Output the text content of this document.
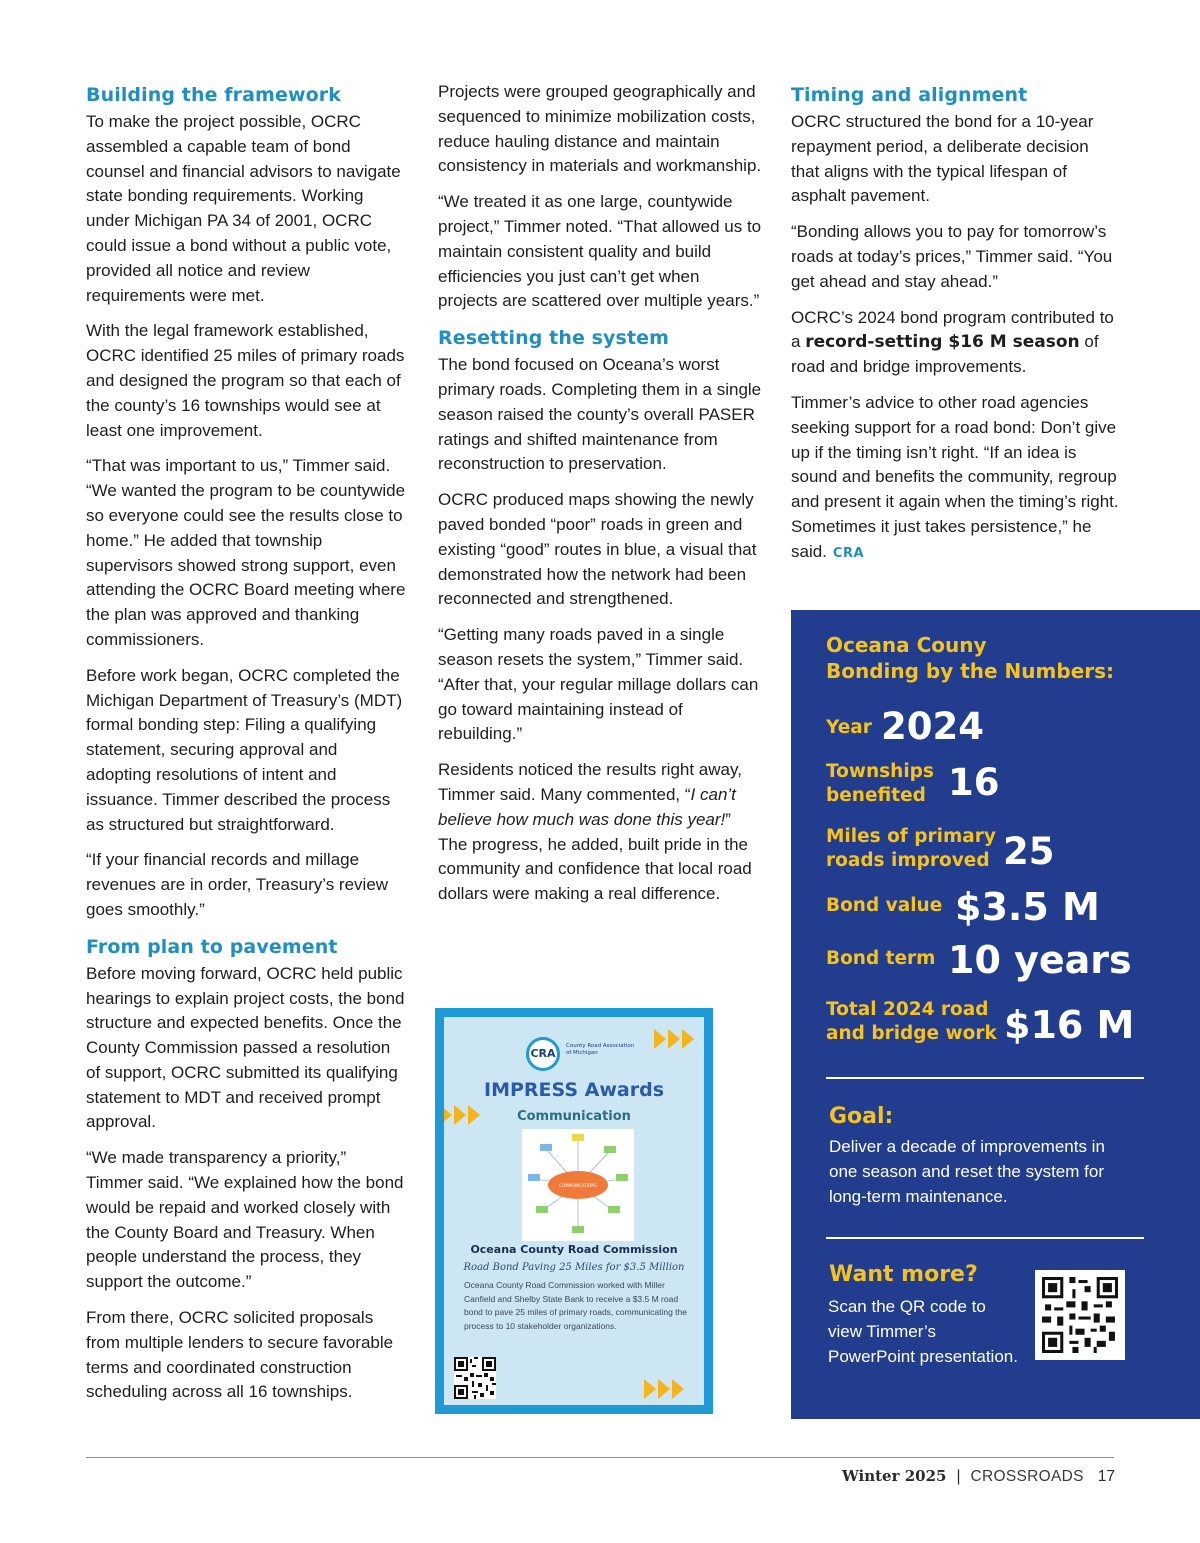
Building the framework

To make the project possible, OCRC assembled a capable team of bond counsel and financial advisors to navigate state bonding requirements. Working under Michigan PA 34 of 2001, OCRC could issue a bond without a public vote, provided all notice and review requirements were met.

With the legal framework established, OCRC identified 25 miles of primary roads and designed the program so that each of the county’s 16 townships would see at least one improvement.

“That was important to us,” Timmer said. “We wanted the program to be countywide so everyone could see the results close to home.” He added that township supervisors showed strong support, even attending the OCRC Board meeting where the plan was approved and thanking commissioners.

Before work began, OCRC completed the Michigan Department of Treasury’s (MDT) formal bonding step: Filing a qualifying statement, securing approval and adopting resolutions of intent and issuance. Timmer described the process as structured but straightforward.

“If your financial records and millage revenues are in order, Treasury’s review goes smoothly.”

From plan to pavement

Before moving forward, OCRC held public hearings to explain project costs, the bond structure and expected benefits. Once the County Commission passed a resolution of support, OCRC submitted its qualifying statement to MDT and received prompt approval.

“We made transparency a priority,” Timmer said. “We explained how the bond would be repaid and worked closely with the County Board and Treasury. When people understand the process, they support the outcome.”

From there, OCRC solicited proposals from multiple lenders to secure favorable terms and coordinated construction scheduling across all 16 townships.

Projects were grouped geographically and sequenced to minimize mobilization costs, reduce hauling distance and maintain consistency in materials and workmanship.

“We treated it as one large, countywide project,” Timmer noted. “That allowed us to maintain consistent quality and build efficiencies you just can’t get when projects are scattered over multiple years.”

Resetting the system

The bond focused on Oceana’s worst primary roads. Completing them in a single season raised the county’s overall PASER ratings and shifted maintenance from reconstruction to preservation.

OCRC produced maps showing the newly paved bonded “poor” roads in green and existing “good” routes in blue, a visual that demonstrated how the network had been reconnected and strengthened.

“Getting many roads paved in a single season resets the system,” Timmer said. “After that, your regular millage dollars can go toward maintaining instead of rebuilding.”

Residents noticed the results right away, Timmer said. Many commented, “I can’t believe how much was done this year!” The progress, he added, built pride in the community and confidence that local road dollars were making a real difference.

CRA
County Road Association of Michigan
IMPRESS Awards
Communication
COMMUNICATIONS
Oceana County Road Commission
Road Bond Paving 25 Miles for $3.5 Million
Oceana County Road Commission worked with Miller Canfield and Shelby State Bank to receive a $3.5 M road bond to pave 25 miles of primary roads, communicating the process to 10 stakeholder organizations.
Timing and alignment

OCRC structured the bond for a 10-year repayment period, a deliberate decision that aligns with the typical lifespan of asphalt pavement.

“Bonding allows you to pay for tomorrow’s roads at today’s prices,” Timmer said. “You get ahead and stay ahead.”

OCRC’s 2024 bond program contributed to a record-setting $16 M season of road and bridge improvements.

Timmer’s advice to other road agencies seeking support for a road bond: Don’t give up if the timing isn’t right. “If an idea is sound and benefits the community, regroup and present it again when the timing’s right. Sometimes it just takes persistence,” he said. CRA

Oceana Couny
Bonding by the Numbers:
Year 2024
Townships
benefited 16
Miles of primary
roads improved 25
Bond value $3.5 M
Bond term 10 years
Total 2024 road
and bridge work $16 M
Goal:
Deliver a decade of improvements in one season and reset the system for long-term maintenance.
Want more?
Scan the QR code to view Timmer’s PowerPoint presentation.
Winter 2025 | CROSSROADS 17
